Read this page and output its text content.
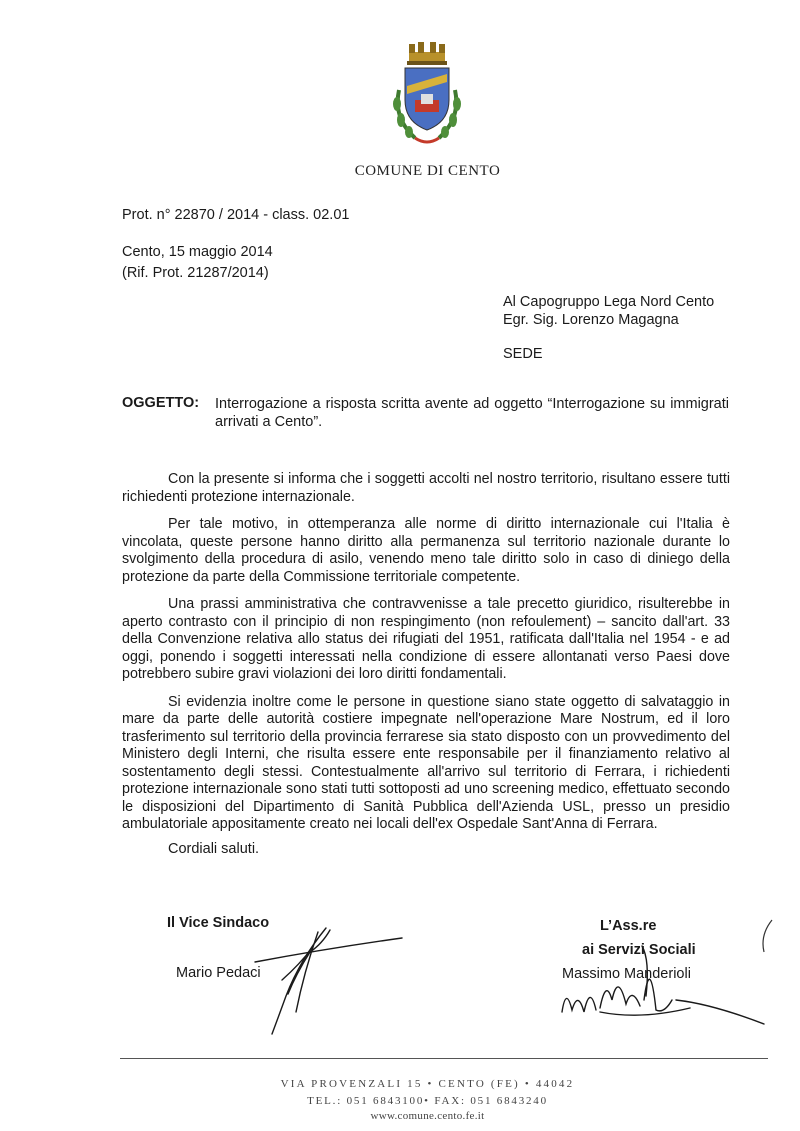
COMUNE DI CENTO
Prot. n° 22870 / 2014 - class. 02.01
Cento, 15 maggio 2014
(Rif. Prot. 21287/2014)
Al Capogruppo Lega Nord Cento
Egr. Sig. Lorenzo Magagna
SEDE
OGGETTO: Interrogazione a risposta scritta avente ad oggetto “Interrogazione su immigrati arrivati a Cento”.

Con la presente si informa che i soggetti accolti nel nostro territorio, risultano essere tutti richiedenti protezione internazionale.

Per tale motivo, in ottemperanza alle norme di diritto internazionale cui l'Italia è vincolata, queste persone hanno diritto alla permanenza sul territorio nazionale durante lo svolgimento della procedura di asilo, venendo meno tale diritto solo in caso di diniego della protezione da parte della Commissione territoriale competente.

Una prassi amministrativa che contravvenisse a tale precetto giuridico, risulterebbe in aperto contrasto con il principio di non respingimento (non refoulement) – sancito dall'art. 33 della Convenzione relativa allo status dei rifugiati del 1951, ratificata dall'Italia nel 1954 - e ad oggi, ponendo i soggetti interessati nella condizione di essere allontanati verso Paesi dove potrebbero subire gravi violazioni dei loro diritti fondamentali.

Si evidenzia inoltre come le persone in questione siano state oggetto di salvataggio in mare da parte delle autorità costiere impegnate nell'operazione Mare Nostrum, ed il loro trasferimento sul territorio della provincia ferrarese sia stato disposto con un provvedimento del Ministero degli Interni, che risulta essere ente responsabile per il finanziamento relativo al sostentamento degli stessi. Contestualmente all'arrivo sul territorio di Ferrara, i richiedenti protezione internazionale sono stati tutti sottoposti ad uno screening medico, effettuato secondo le disposizioni del Dipartimento di Sanità Pubblica dell'Azienda USL, presso un presidio ambulatoriale appositamente creato nei locali dell'ex Ospedale Sant'Anna di Ferrara.

Cordiali saluti.
Il Vice Sindaco
Mario Pedaci
L’Ass.re
ai Servizi Sociali
Massimo Manderioli
VIA PROVENZALI 15 • CENTO (FE) • 44042
TEL.: 051 6843100• FAX: 051 6843240
www.comune.cento.fe.it
